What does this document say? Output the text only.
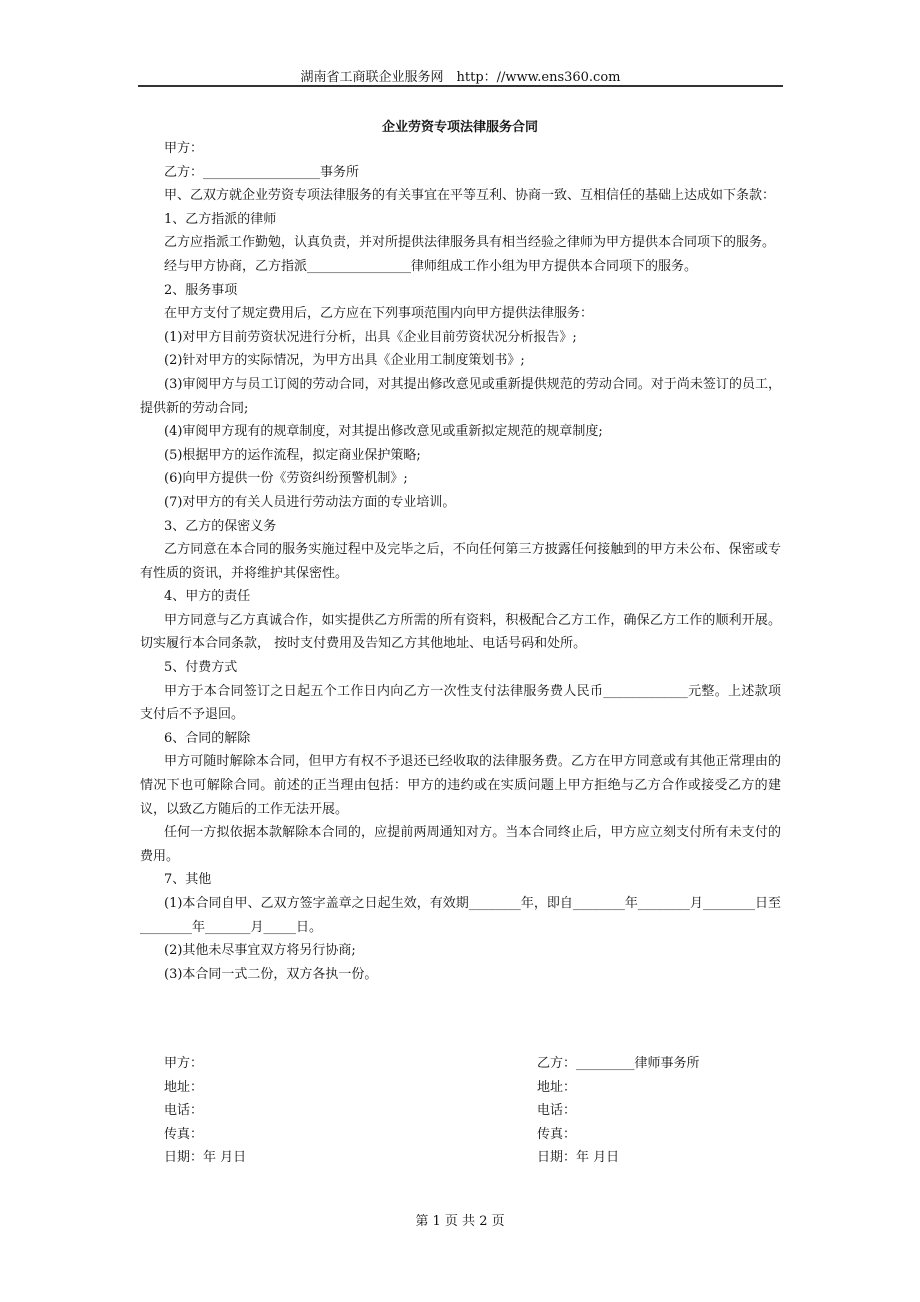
湖南省工商联企业服务网　http：//www.ens360.com
企业劳资专项法律服务合同

甲方：

乙方：__________________事务所

甲、乙双方就企业劳资专项法律服务的有关事宜在平等互利、协商一致、互相信任的基础上达成如下条款：

1、乙方指派的律师

乙方应指派工作勤勉，认真负责，并对所提供法律服务具有相当经验之律师为甲方提供本合同项下的服务。

经与甲方协商，乙方指派________________律师组成工作小组为甲方提供本合同项下的服务。

2、服务事项

在甲方支付了规定费用后，乙方应在下列事项范围内向甲方提供法律服务：

(1)对甲方目前劳资状况进行分析，出具《企业目前劳资状况分析报告》;

(2)针对甲方的实际情况，为甲方出具《企业用工制度策划书》;

(3)审阅甲方与员工订阅的劳动合同，对其提出修改意见或重新提供规范的劳动合同。对于尚未签订的员工，提供新的劳动合同;

(4)审阅甲方现有的规章制度，对其提出修改意见或重新拟定规范的规章制度;

(5)根据甲方的运作流程，拟定商业保护策略;

(6)向甲方提供一份《劳资纠纷预警机制》;

(7)对甲方的有关人员进行劳动法方面的专业培训。

3、乙方的保密义务

乙方同意在本合同的服务实施过程中及完毕之后，不向任何第三方披露任何接触到的甲方未公布、保密或专有性质的资讯，并将维护其保密性。

4、甲方的责任

甲方同意与乙方真诚合作，如实提供乙方所需的所有资料，积极配合乙方工作，确保乙方工作的顺利开展。切实履行本合同条款， 按时支付费用及告知乙方其他地址、电话号码和处所。

5、付费方式

甲方于本合同签订之日起五个工作日内向乙方一次性支付法律服务费人民币_____________元整。上述款项支付后不予退回。

6、合同的解除

甲方可随时解除本合同，但甲方有权不予退还已经收取的法律服务费。乙方在甲方同意或有其他正常理由的情况下也可解除合同。前述的正当理由包括：甲方的违约或在实质问题上甲方拒绝与乙方合作或接受乙方的建议，以致乙方随后的工作无法开展。

任何一方拟依据本款解除本合同的，应提前两周通知对方。当本合同终止后，甲方应立刻支付所有未支付的费用。

7、其他

(1)本合同自甲、乙双方签字盖章之日起生效，有效期________年，即自________年________月________日至________年_______月_____日。

(2)其他未尽事宜双方将另行协商;

(3)本合同一式二份，双方各执一份。

甲方：	乙方：_________律师事务所
地址：	地址：
电话：	电话：
传真：	传真：
日期：年 月日	日期：年 月日
第 1 页 共 2 页
